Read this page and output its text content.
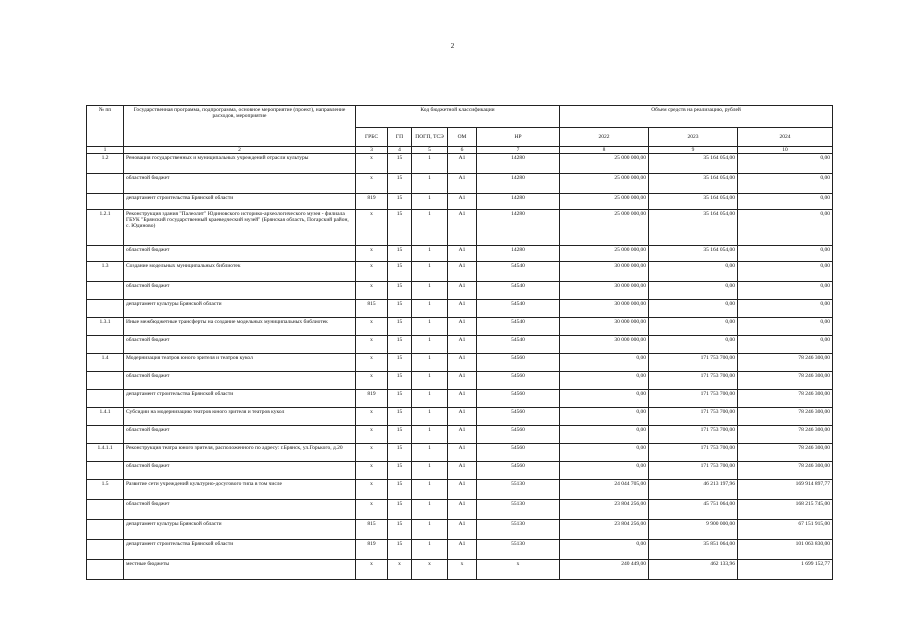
2
№ пп	Государственная программа, подпрограмма, основное мероприятие (проект), направление расходов, мероприятие	Код бюджетной классификации					Объем средств на реализацию, рублей		
		ГРБС	ГП	ПОГП, ТСЭ	ОМ	НР	2022	2023	2024
1	2	3	4	5	6	7	8	9	10
1.2	Реновация государственных и муниципальных учреждений отрасли культуры	x	15	1	A1	14280	25 000 000,00	35 164 054,00	0,00
	областной бюджет	x	15	1	A1	14280	25 000 000,00	35 164 054,00	0,00
	департамент строительства Брянской области	819	15	1	A1	14280	25 000 000,00	35 164 054,00	0,00
1.2.1	Реконструкция здания "Палеолит" Юдиновского историко-археологического музея - филиала ГБУК "Брянский государственный краеведческий музей" (Брянская область, Погарский район, с. Юдиново)	x	15	1	A1	14280	25 000 000,00	35 164 054,00	0,00
	областной бюджет	x	15	1	A1	14280	25 000 000,00	35 164 054,00	0,00
1.3	Создание модельных муниципальных библиотек	x	15	1	A1	54540	30 000 000,00	0,00	0,00
	областной бюджет	x	15	1	A1	54540	30 000 000,00	0,00	0,00
	департамент культуры Брянской области	815	15	1	A1	54540	30 000 000,00	0,00	0,00
1.3.1	Иные межбюджетные трансферты на создание модельных муниципальных библиотек	x	15	1	A1	54540	30 000 000,00	0,00	0,00
	областной бюджет	x	15	1	A1	54540	30 000 000,00	0,00	0,00
1.4	Модернизация театров юного зрителя и театров кукол	x	15	1	A1	54560	0,00	171 753 700,00	78 246 300,00
	областной бюджет	x	15	1	A1	54560	0,00	171 753 700,00	78 246 300,00
	департамент строительства Брянской области	819	15	1	A1	54560	0,00	171 753 700,00	78 246 300,00
1.4.1	Субсидии на модернизацию театров юного зрителя и театров кукол	x	15	1	A1	54560	0,00	171 753 700,00	78 246 300,00
	областной бюджет	x	15	1	A1	54560	0,00	171 753 700,00	78 246 300,00
1.4.1.1	Реконструкция театра юного зрителя, расположенного по адресу: г.Брянск, ул.Горького, д.20	x	15	1	A1	54560	0,00	171 753 700,00	78 246 300,00
	областной бюджет	x	15	1	A1	54560	0,00	171 753 700,00	78 246 300,00
1.5	Развитие сети учреждений культурно-досугового типа в том числе	x	15	1	A1	55130	24 044 705,00	46 213 197,96	169 914 897,77
	областной бюджет	x	15	1	A1	55130	23 804 256,00	45 751 064,00	168 215 745,00
	департамент культуры Брянской области	815	15	1	A1	55130	23 804 256,00	9 900 000,00	67 151 915,00
	департамент строительства Брянской области	819	15	1	A1	55130	0,00	35 851 064,00	101 063 830,00
	местные бюджеты	x	x	x	x	x	240 449,00	462 133,96	1 699 152,77
